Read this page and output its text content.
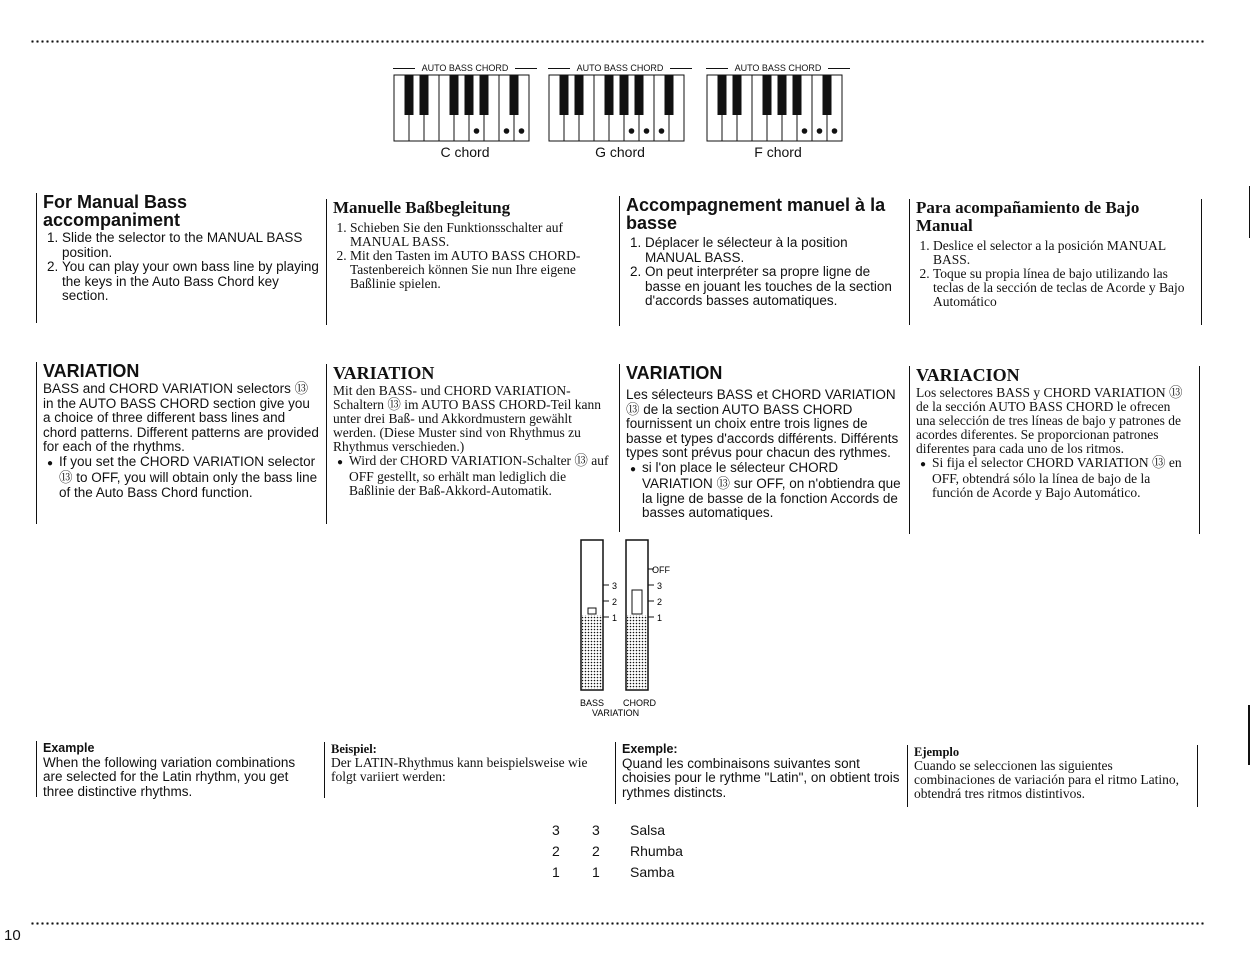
AUTO BASS CHORD
C chord
AUTO BASS CHORD
G chord
AUTO BASS CHORD
F chord
For Manual Bass accompaniment
1. Slide the selector to the MANUAL BASS position.
2. You can play your own bass line by playing the keys in the Auto Bass Chord key section.
VARIATION

BASS and CHORD VARIATION selectors ⑬ in the AUTO BASS CHORD section give you a choice of three different bass lines and chord patterns. Different patterns are provided for each of the rhythms.

● If you set the CHORD VARIATION selector ⑬ to OFF, you will obtain only the bass line of the Auto Bass Chord function.

Example

When the following variation combinations are selected for the Latin rhythm, you get three distinctive rhythms.

Manuelle Baßbegleitung
1. Schieben Sie den Funktionsschalter auf MANUAL BASS.
2. Mit den Tasten im AUTO BASS CHORD-Tastenbereich können Sie nun Ihre eigene Baßlinie spielen.
VARIATION

Mit den BASS- und CHORD VARIATION-Schaltern ⑬ im AUTO BASS CHORD-Teil kann unter drei Baß- und Akkordmustern gewählt werden. (Diese Muster sind von Rhythmus zu Rhythmus verschieden.)

● Wird der CHORD VARIATION-Schalter ⑬ auf OFF gestellt, so erhält man lediglich die Baßlinie der Baß-Akkord-Automatik.

Beispiel:

Der LATIN-Rhythmus kann beispielsweise wie folgt variiert werden:

Accompagnement manuel à la basse
1. Déplacer le sélecteur à la position MANUAL BASS.
2. On peut interpréter sa propre ligne de basse en jouant les touches de la section d'accords basses automatiques.
VARIATION

Les sélecteurs BASS et CHORD VARIATION ⑬ de la section AUTO BASS CHORD fournissent un choix entre trois lignes de basse et types d'accords différents. Différents types sont prévus pour chacun des rythmes.

● si l'on place le sélecteur CHORD VARIATION ⑬ sur OFF, on n'obtiendra que la ligne de basse de la fonction Accords de basses automatiques.

Exemple:

Quand les combinaisons suivantes sont choisies pour le rythme "Latin", on obtient trois rythmes distincts.

Para acompañamiento de Bajo Manual
1. Deslice el selector a la posición MANUAL BASS.
2. Toque su propia línea de bajo utilizando las teclas de la sección de teclas de Acorde y Bajo Automático
VARIACION

Los selectores BASS y CHORD VARIATION ⑬ de la sección AUTO BASS CHORD le ofrecen una selección de tres líneas de bajo y patrones de acordes diferentes. Se proporcionan patrones diferentes para cada uno de los ritmos.

● Si fija el selector CHORD VARIATION ⑬ en OFF, obtendrá sólo la línea de bajo de la función de Acorde y Bajo Automático.

Ejemplo

Cuando se seleccionen las siguientes combinaciones de variación para el ritmo Latino, obtendrá tres ritmos distintivos.

3
2
1
OFF
3
2
1
BASS CHORD
VARIATION
3 3 Salsa
2 2 Rhumba
1 1 Samba
10
